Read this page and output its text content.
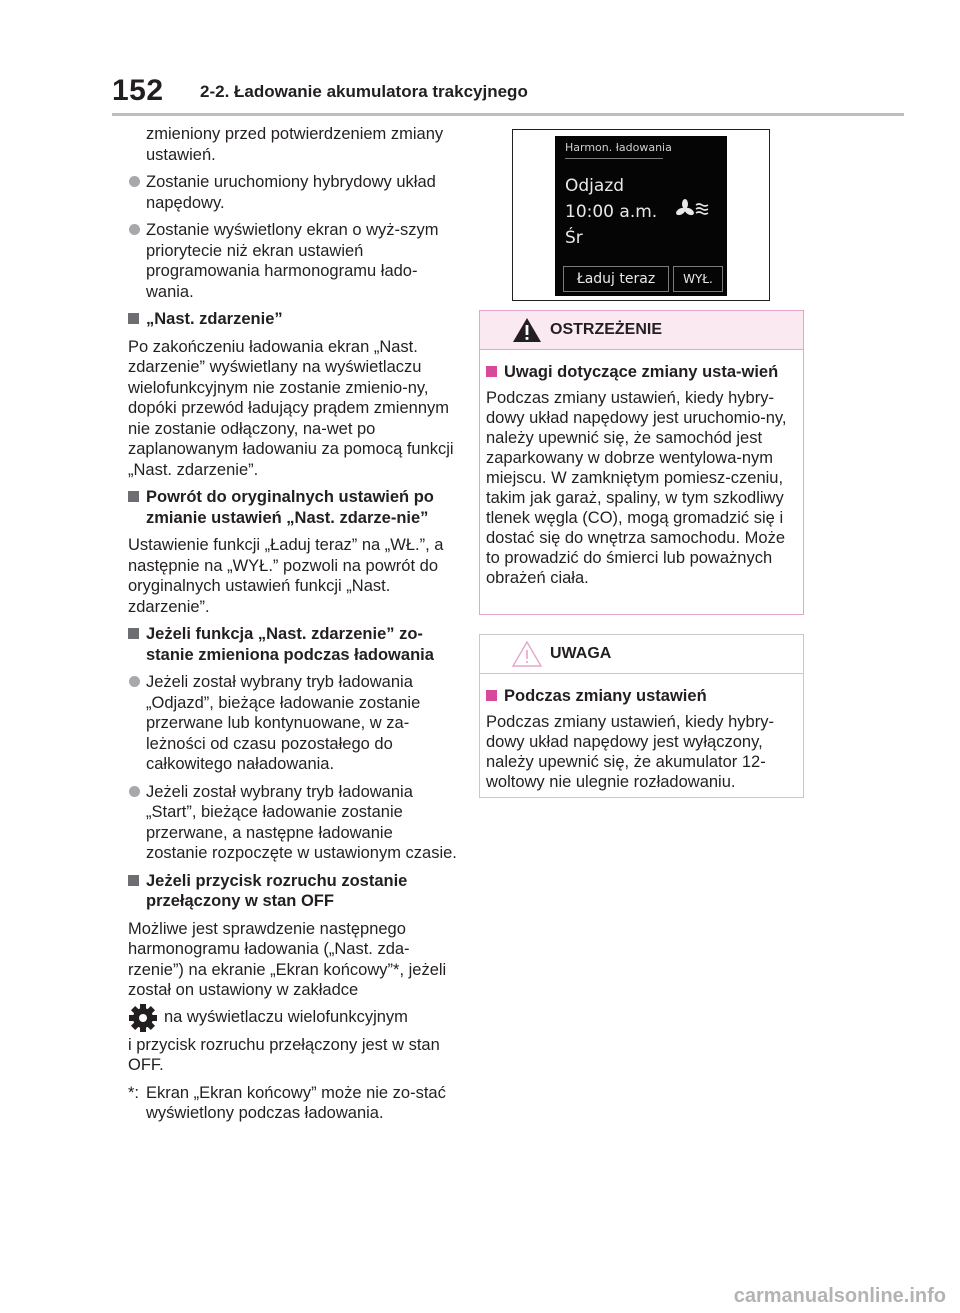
152 2-2. Ładowanie akumulatora trakcyjnego

zmieniony przed potwierdzeniem zmiany ustawień.

Zostanie uruchomiony hybrydowy układ napędowy.

Zostanie wyświetlony ekran o wyż-szym priorytecie niż ekran ustawień programowania harmonogramu łado-wania.

„Nast. zdarzenie”

Po zakończeniu ładowania ekran „Nast. zdarzenie” wyświetlany na wyświetlaczu wielofunkcyjnym nie zostanie zmienio-ny, dopóki przewód ładujący prądem zmiennym nie zostanie odłączony, na-wet po zaplanowanym ładowaniu za pomocą funkcji „Nast. zdarzenie”.

Powrót do oryginalnych ustawień po zmianie ustawień „Nast. zdarze-nie”

Ustawienie funkcji „Ładuj teraz” na „WŁ.”, a następnie na „WYŁ.” pozwoli na powrót do oryginalnych ustawień funkcji „Nast. zdarzenie”.

Jeżeli funkcja „Nast. zdarzenie” zo-stanie zmieniona podczas ładowania

Jeżeli został wybrany tryb ładowania „Odjazd”, bieżące ładowanie zostanie przerwane lub kontynuowane, w za-leżności od czasu pozostałego do całkowitego naładowania.

Jeżeli został wybrany tryb ładowania „Start”, bieżące ładowanie zostanie przerwane, a następne ładowanie zostanie rozpoczęte w ustawionym czasie.

Jeżeli przycisk rozruchu zostanie przełączony w stan OFF

Możliwe jest sprawdzenie następnego harmonogramu ładowania („Nast. zda-rzenie”) na ekranie „Ekran końcowy”*, jeżeli został on ustawiony w zakładce

na wyświetlaczu wielofunkcyjnym

i przycisk rozruchu przełączony jest w stan OFF.

*: Ekran „Ekran końcowy” może nie zo-stać wyświetlony podczas ładowania.
Harmon. ładowania
Odjazd
10:00 a.m.
Śr
Ładuj teraz	WYŁ.
OSTRZEŻENIE
Uwagi dotyczące zmiany usta-wień
Podczas zmiany ustawień, kiedy hybry-dowy układ napędowy jest uruchomio-ny, należy upewnić się, że samochód jest zaparkowany w dobrze wentylowa-nym miejscu. W zamkniętym pomiesz-czeniu, takim jak garaż, spaliny, w tym szkodliwy tlenek węgla (CO), mogą gromadzić się i dostać się do wnętrza samochodu. Może to prowadzić do śmierci lub poważnych obrażeń ciała.
UWAGA
Podczas zmiany ustawień
Podczas zmiany ustawień, kiedy hybry-dowy układ napędowy jest wyłączony, należy upewnić się, że akumulator 12-woltowy nie ulegnie rozładowaniu.
carmanualsonline.info
